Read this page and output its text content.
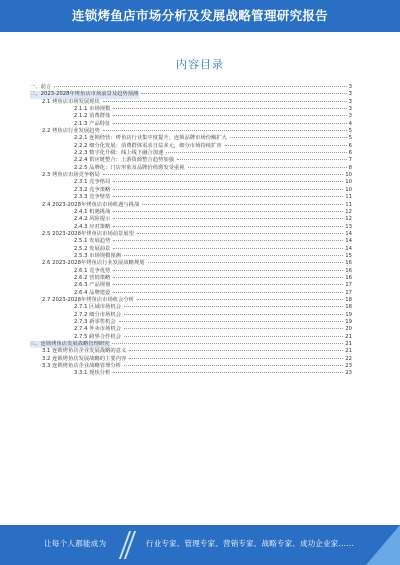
连锁烤鱼店市场分析及发展战略管理研究报告
内容目录
一、前言	3
二、2023-2028年烤鱼店市场前景及趋势预测	3
2.1 烤鱼店市场发展现状	3
2.1.1 市场规模	3
2.1.2 消费群体	3
2.1.3 产品特征	4
2.2 烤鱼店行业发展趋势	5
2.2.1 连锁经营：烤鱼店行业集中度提升，连锁品牌市场份额扩大	5
2.2.2 细分化发展：消费群体需求日益多元，细分市场持续扩容	6
2.2.3 数字化升级：线上线下融合加速	6
2.2.4 供应链整合：上游资源整合趋势加强	7
2.2.5 品牌化：门店形象及品牌价值愈发受重视	8
2.3 烤鱼店市场竞争格局	10
2.3.1 竞争格局	10
2.3.2 竞争策略	10
2.3.3 竞争壁垒	11
2.4 2023-2028年烤鱼店市场机遇与挑战	11
2.4.1 机遇挑战	12
2.4.2 风险提示	12
2.4.3 应对策略	13
2.5 2023-2028年烤鱼店市场前景展望	14
2.5.1 发展趋势	14
2.5.2 发展前景	14
2.5.3 市场规模预测	15
2.6 2023-2028年烤鱼店行业发展战略规划	16
2.6.1 竞争优势	16
2.6.2 营销策略	16
2.6.3 产品规划	17
2.6.4 品牌建设	17
2.7 2023-2028年烤鱼店市场机会分析	18
2.7.1 区域市场机会	18
2.7.2 细分市场机会	19
2.7.3 新零售机会	19
2.7.4 外卖市场机会	20
2.7.5 跨界合作机会	21
三、连锁烤鱼店发展战略管理研究	21
3.1 连锁烤鱼店企业发展战略的意义	21
3.2 连锁烤鱼店发展战略的主要内容	22
3.3 连锁烤鱼店企业战略管理分析	23
3.3.1 现状分析	23
让每个人都能成为	行业专家、管理专家、营销专家、战略专家、成功企业家……
